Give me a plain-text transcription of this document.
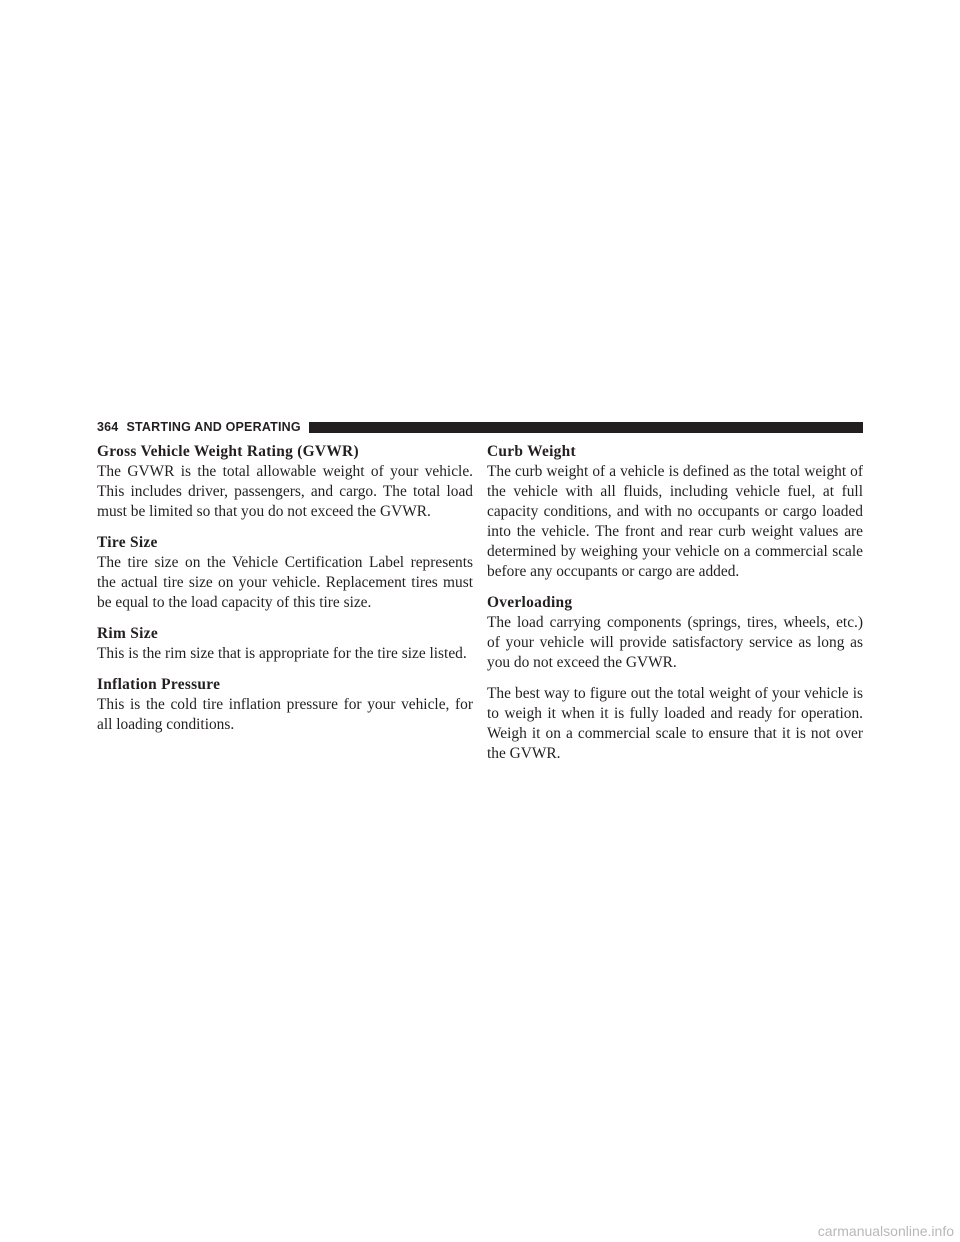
364 STARTING AND OPERATING
Gross Vehicle Weight Rating (GVWR)

The GVWR is the total allowable weight of your vehicle. This includes driver, passengers, and cargo. The total load must be limited so that you do not exceed the GVWR.

Tire Size

The tire size on the Vehicle Certification Label represents the actual tire size on your vehicle. Replacement tires must be equal to the load capacity of this tire size.

Rim Size

This is the rim size that is appropriate for the tire size listed.

Inflation Pressure

This is the cold tire inflation pressure for your vehicle, for all loading conditions.

Curb Weight

The curb weight of a vehicle is defined as the total weight of the vehicle with all fluids, including vehicle fuel, at full capacity conditions, and with no occupants or cargo loaded into the vehicle. The front and rear curb weight values are determined by weighing your vehicle on a commercial scale before any occupants or cargo are added.

Overloading

The load carrying components (springs, tires, wheels, etc.) of your vehicle will provide satisfactory service as long as you do not exceed the GVWR.

The best way to figure out the total weight of your vehicle is to weigh it when it is fully loaded and ready for operation. Weigh it on a commercial scale to ensure that it is not over the GVWR.

carmanualsonline.info
